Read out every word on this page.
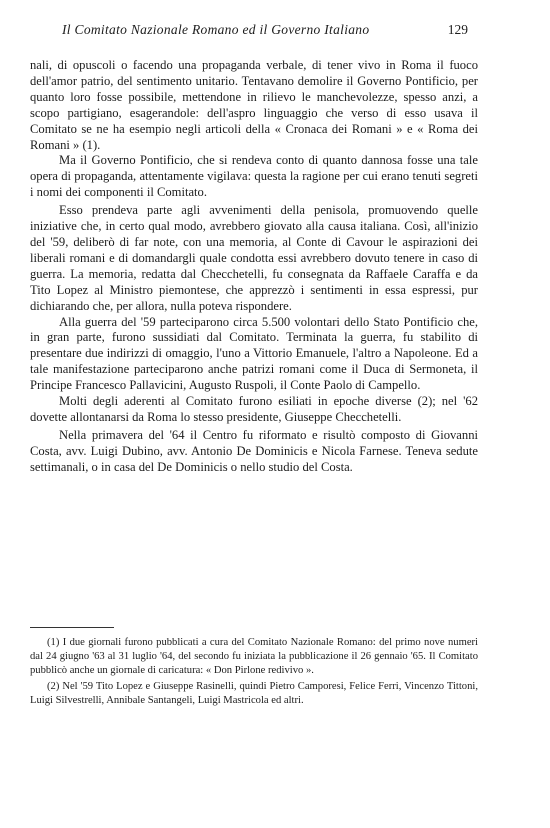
Il Comitato Nazionale Romano ed il Governo Italiano	129

nali, di opuscoli o facendo una propaganda verbale, di tener vivo in Roma il fuoco dell'amor patrio, del sentimento unitario. Tentavano demolire il Governo Pontificio, per quanto loro fosse possibile, mettendone in rilievo le manchevolezze, spesso anzi, a scopo partigiano, esagerandole: dell'aspro linguaggio che verso di esso usava il Comitato se ne ha esempio negli articoli della « Cronaca dei Romani » e « Roma dei Romani » (1).

Ma il Governo Pontificio, che si rendeva conto di quanto dannosa fosse una tale opera di propaganda, attentamente vigilava: questa la ragione per cui erano tenuti segreti i nomi dei componenti il Comitato.

Esso prendeva parte agli avvenimenti della penisola, promuovendo quelle iniziative che, in certo qual modo, avrebbero giovato alla causa italiana. Così, all'inizio del '59, deliberò di far note, con una memoria, al Conte di Cavour le aspirazioni dei liberali romani e di domandargli quale condotta essi avrebbero dovuto tenere in caso di guerra. La memoria, redatta dal Checchetelli, fu consegnata da Raffaele Caraffa e da Tito Lopez al Ministro piemontese, che apprezzò i sentimenti in essa espressi, pur dichiarando che, per allora, nulla poteva rispondere.

Alla guerra del '59 parteciparono circa 5.500 volontari dello Stato Pontificio che, in gran parte, furono sussidiati dal Comitato. Terminata la guerra, fu stabilito di presentare due indirizzi di omaggio, l'uno a Vittorio Emanuele, l'altro a Napoleone. Ed a tale manifestazione parteciparono anche patrizi romani come il Duca di Sermoneta, il Principe Francesco Pallavicini, Augusto Ruspoli, il Conte Paolo di Campello.

Molti degli aderenti al Comitato furono esiliati in epoche diverse (2); nel '62 dovette allontanarsi da Roma lo stesso presidente, Giuseppe Checchetelli.

Nella primavera del '64 il Centro fu riformato e risultò composto di Giovanni Costa, avv. Luigi Dubino, avv. Antonio De Dominicis e Nicola Farnese. Teneva sedute settimanali, o in casa del De Dominicis o nello studio del Costa.

(1) I due giornali furono pubblicati a cura del Comitato Nazionale Romano: del primo nove numeri dal 24 giugno '63 al 31 luglio '64, del secondo fu iniziata la pubblicazione il 26 gennaio '65. Il Comitato pubblicò anche un giornale di caricatura: « Don Pirlone redivivo ».

(2) Nel '59 Tito Lopez e Giuseppe Rasinelli, quindi Pietro Camporesi, Felice Ferri, Vincenzo Tittoni, Luigi Silvestrelli, Annibale Santangeli, Luigi Mastricola ed altri.
